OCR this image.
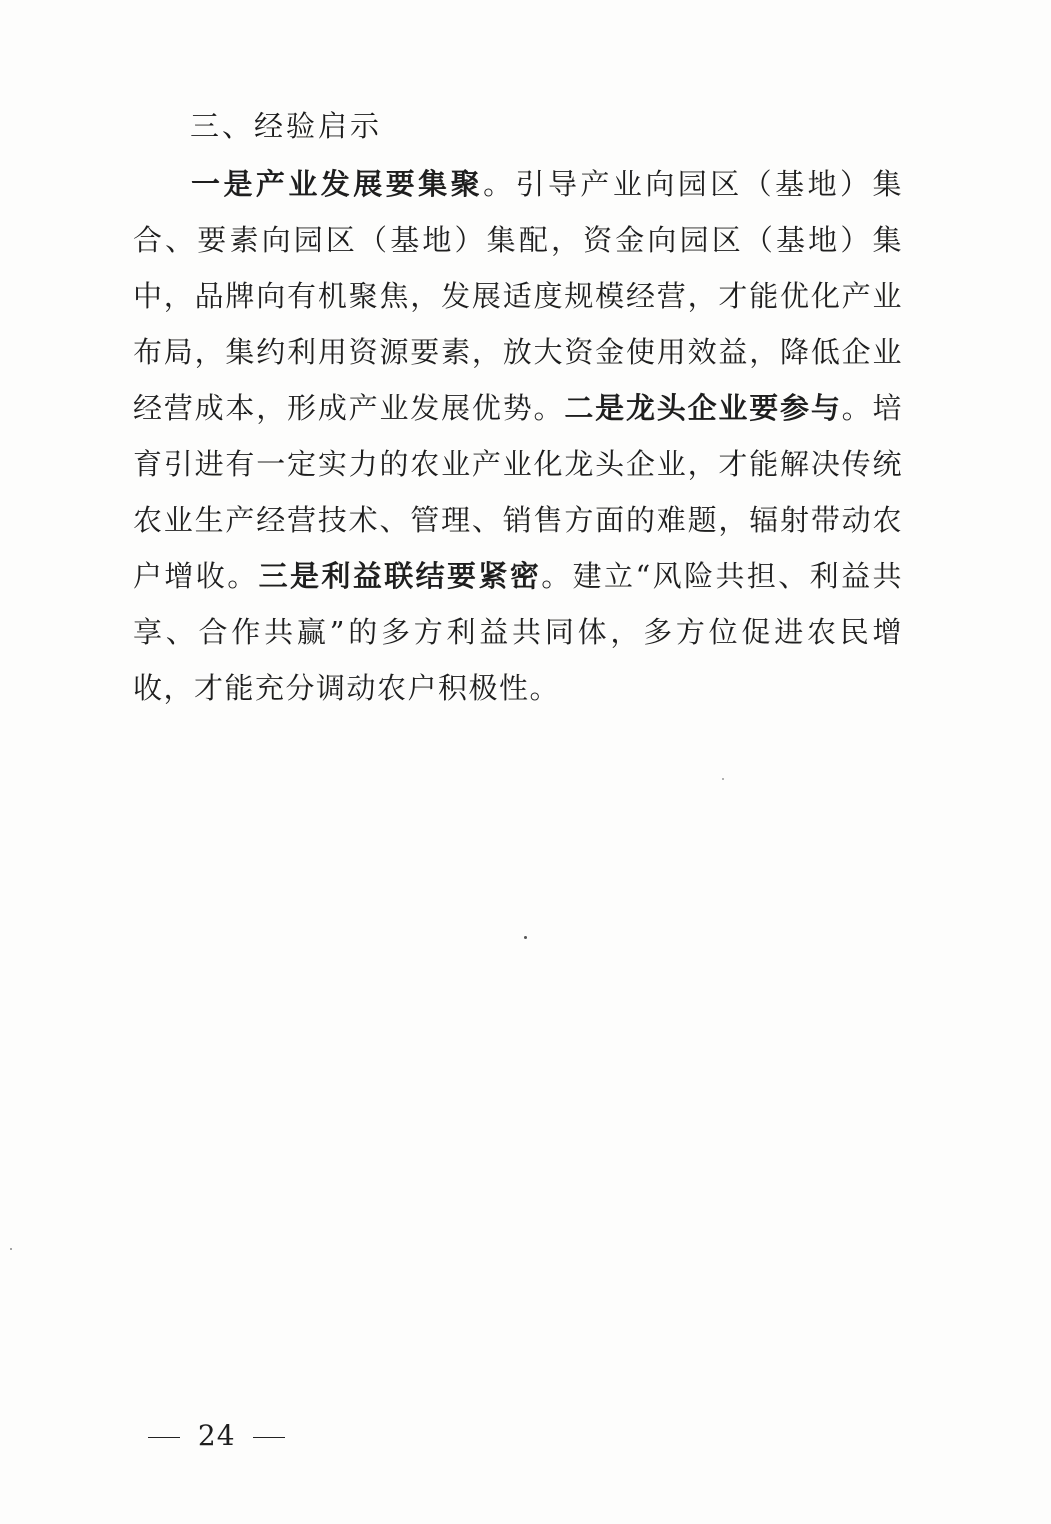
三、经验启示

一是产业发展要集聚。引导产业向园区（基地）集合、要素向园区（基地）集配，资金向园区（基地）集中，品牌向有机聚焦，发展适度规模经营，才能优化产业布局，集约利用资源要素，放大资金使用效益，降低企业经营成本，形成产业发展优势。二是龙头企业要参与。培育引进有一定实力的农业产业化龙头企业，才能解决传统农业生产经营技术、管理、销售方面的难题，辐射带动农户增收。三是利益联结要紧密。建立“风险共担、利益共享、合作共赢”的多方利益共同体，多方位促进农民增收，才能充分调动农户积极性。

24
